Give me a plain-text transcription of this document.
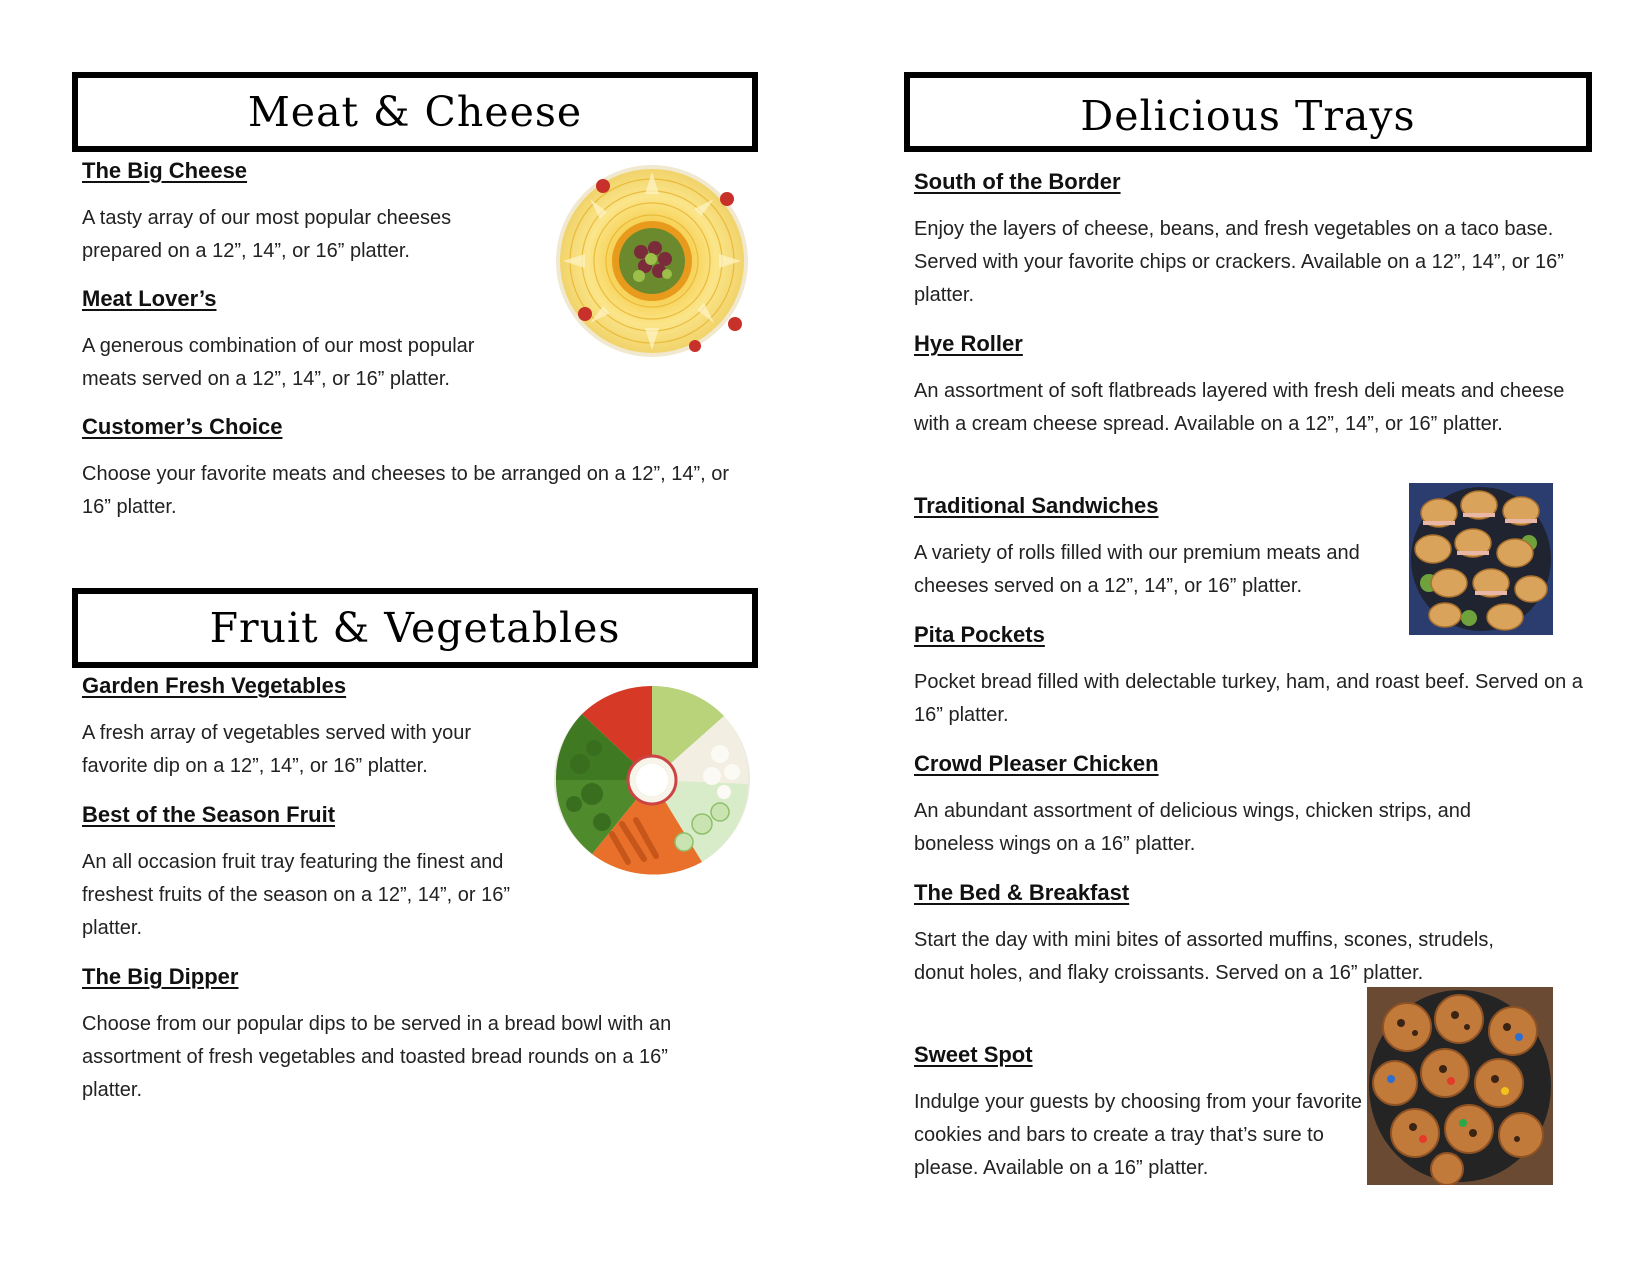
Meat & Cheese
The Big Cheese
A tasty array of our most popular cheeses prepared on a 12”, 14”, or 16” platter.
Meat Lover’s
A generous combination of our most popular meats served on a 12”, 14”, or 16” platter.
Customer’s Choice
Choose your favorite meats and cheeses to be arranged on a 12”, 14”, or 16” platter.
Fruit & Vegetables
Garden Fresh Vegetables
A fresh array of vegetables served with your favorite dip on a 12”, 14”, or 16” platter.
Best of the Season Fruit
An all occasion fruit tray featuring the finest and freshest fruits of the season on a 12”, 14”, or 16” platter.
The Big Dipper
Choose from our popular dips to be served in a bread bowl with an assortment of fresh vegetables and toasted bread rounds on a 16” platter.
Delicious Trays
South of the Border
Enjoy the layers of cheese, beans, and fresh vegetables on a taco base. Served with your favorite chips or crackers. Available on a 12”, 14”, or 16” platter.
Hye Roller
An assortment of soft flatbreads layered with fresh deli meats and cheese with a cream cheese spread. Available on a 12”, 14”, or 16” platter.
Traditional Sandwiches
A variety of rolls filled with our premium meats and cheeses served on a 12”, 14”, or 16” platter.
Pita Pockets
Pocket bread filled with delectable turkey, ham, and roast beef. Served on a 16” platter.
Crowd Pleaser Chicken
An abundant assortment of delicious wings, chicken strips, and boneless wings on a 16” platter.
The Bed & Breakfast
Start the day with mini bites of assorted muffins, scones, strudels, donut holes, and flaky croissants. Served on a 16” platter.
Sweet Spot
Indulge your guests by choosing from your favorite cookies and bars to create a tray that’s sure to please. Available on a 16” platter.
